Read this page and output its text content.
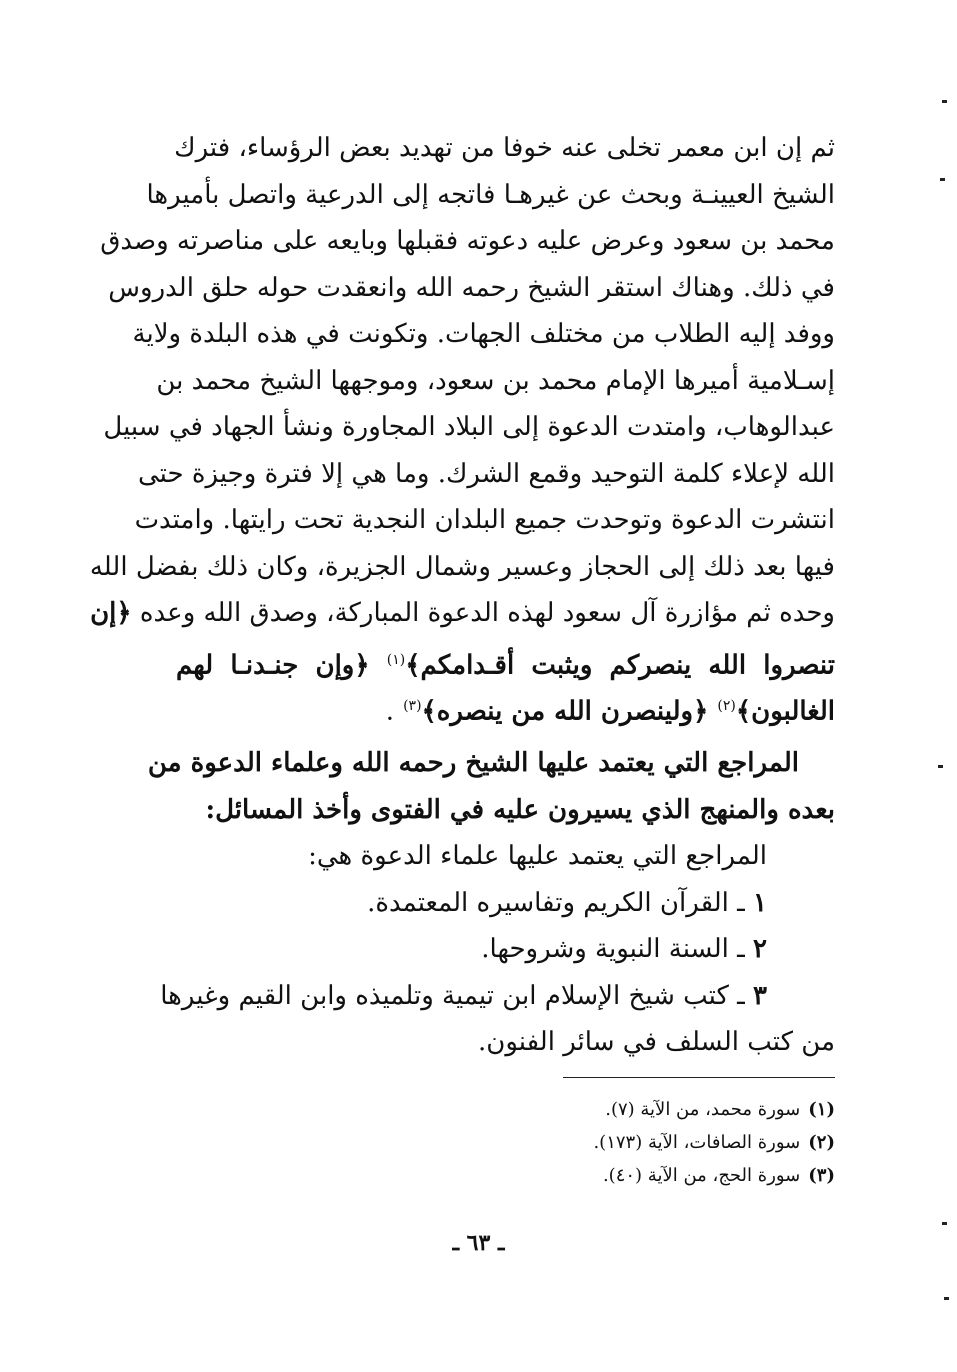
ثم إن ابن معمر تخلى عنه خوفا من تهديد بعض الرؤساء، فترك
الشيخ العيينـة وبحث عن غيرهـا فاتجه إلى الدرعية واتصل بأميرها
محمد بن سعود وعرض عليه دعوته فقبلها وبايعه على مناصرته وصدق
في ذلك. وهناك استقر الشيخ رحمه الله وانعقدت حوله حلق الدروس
ووفد إليه الطلاب من مختلف الجهات. وتكونت في هذه البلدة ولاية
إسـلامية أميرها الإمام محمد بن سعود، وموجهها الشيخ محمد بن
عبدالوهاب، وامتدت الدعوة إلى البلاد المجاورة ونشأ الجهاد في سبيل
الله لإعلاء كلمة التوحيد وقمع الشرك. وما هي إلا فترة وجيزة حتى
انتشرت الدعوة وتوحدت جميع البلدان النجدية تحت رايتها. وامتدت
فيها بعد ذلك إلى الحجاز وعسير وشمال الجزيرة، وكان ذلك بفضل الله
وحده ثم مؤازرة آل سعود لهذه الدعوة المباركة، وصدق الله وعده ﴿إن
تنصروا الله ينصركم ويثبت أقـدامكم﴾$^{(١)}$ ﴿وإن جنـدنـا لهم
الغالبون﴾$^{(٢)}$ ﴿ولينصرن الله من ينصره﴾$^{(٣)}$ .
المراجع التي يعتمد عليها الشيخ رحمه الله وعلماء الدعوة من
بعده والمنهج الذي يسيرون عليه في الفتوى وأخذ المسائل:
المراجع التي يعتمد عليها علماء الدعوة هي:
١ ـ القرآن الكريم وتفاسيره المعتمدة.
٢ ـ السنة النبوية وشروحها.
٣ ـ كتب شيخ الإسلام ابن تيمية وتلميذه وابن القيم وغيرها
من كتب السلف في سائر الفنون.
(١)سورة محمد، من الآية (٧).
(٢)سورة الصافات، الآية (١٧٣).
(٣)سورة الحج، من الآية (٤٠).
ـ ٦٣ ـ
